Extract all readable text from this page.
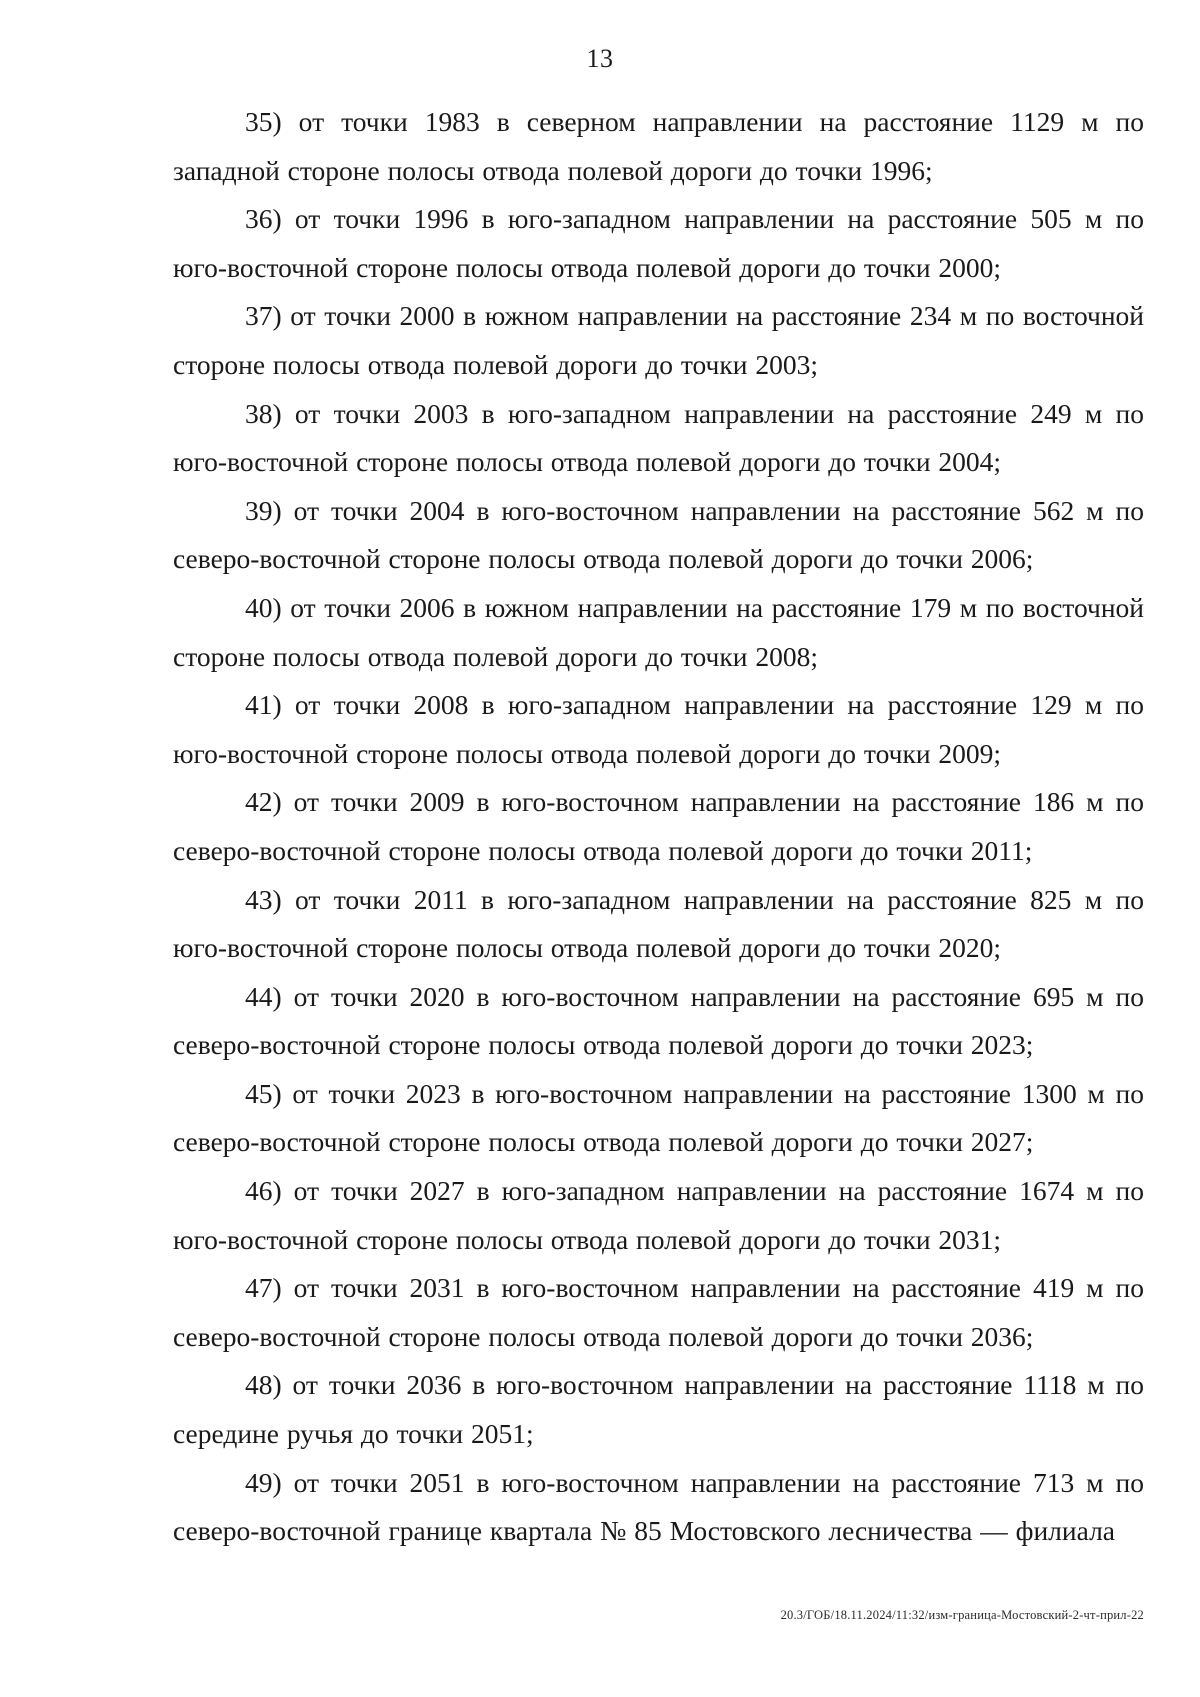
13

35) от точки 1983 в северном направлении на расстояние 1129 м по западной стороне полосы отвода полевой дороги до точки 1996;

36) от точки 1996 в юго-западном направлении на расстояние 505 м по юго-восточной стороне полосы отвода полевой дороги до точки 2000;

37) от точки 2000 в южном направлении на расстояние 234 м по восточной стороне полосы отвода полевой дороги до точки 2003;

38) от точки 2003 в юго-западном направлении на расстояние 249 м по юго-восточной стороне полосы отвода полевой дороги до точки 2004;

39) от точки 2004 в юго-восточном направлении на расстояние 562 м по северо-восточной стороне полосы отвода полевой дороги до точки 2006;

40) от точки 2006 в южном направлении на расстояние 179 м по восточной стороне полосы отвода полевой дороги до точки 2008;

41) от точки 2008 в юго-западном направлении на расстояние 129 м по юго-восточной стороне полосы отвода полевой дороги до точки 2009;

42) от точки 2009 в юго-восточном направлении на расстояние 186 м по северо-восточной стороне полосы отвода полевой дороги до точки 2011;

43) от точки 2011 в юго-западном направлении на расстояние 825 м по юго-восточной стороне полосы отвода полевой дороги до точки 2020;

44) от точки 2020 в юго-восточном направлении на расстояние 695 м по северо-восточной стороне полосы отвода полевой дороги до точки 2023;

45) от точки 2023 в юго-восточном направлении на расстояние 1300 м по северо-восточной стороне полосы отвода полевой дороги до точки 2027;

46) от точки 2027 в юго-западном направлении на расстояние 1674 м по юго-восточной стороне полосы отвода полевой дороги до точки 2031;

47) от точки 2031 в юго-восточном направлении на расстояние 419 м по северо-восточной стороне полосы отвода полевой дороги до точки 2036;

48) от точки 2036 в юго-восточном направлении на расстояние 1118 м по середине ручья до точки 2051;

49) от точки 2051 в юго-восточном направлении на расстояние 713 м по северо-восточной границе квартала № 85 Мостовского лесничества — филиала

20.3/ГОБ/18.11.2024/11:32/изм-граница-Мостовский-2-чт-прил-22
